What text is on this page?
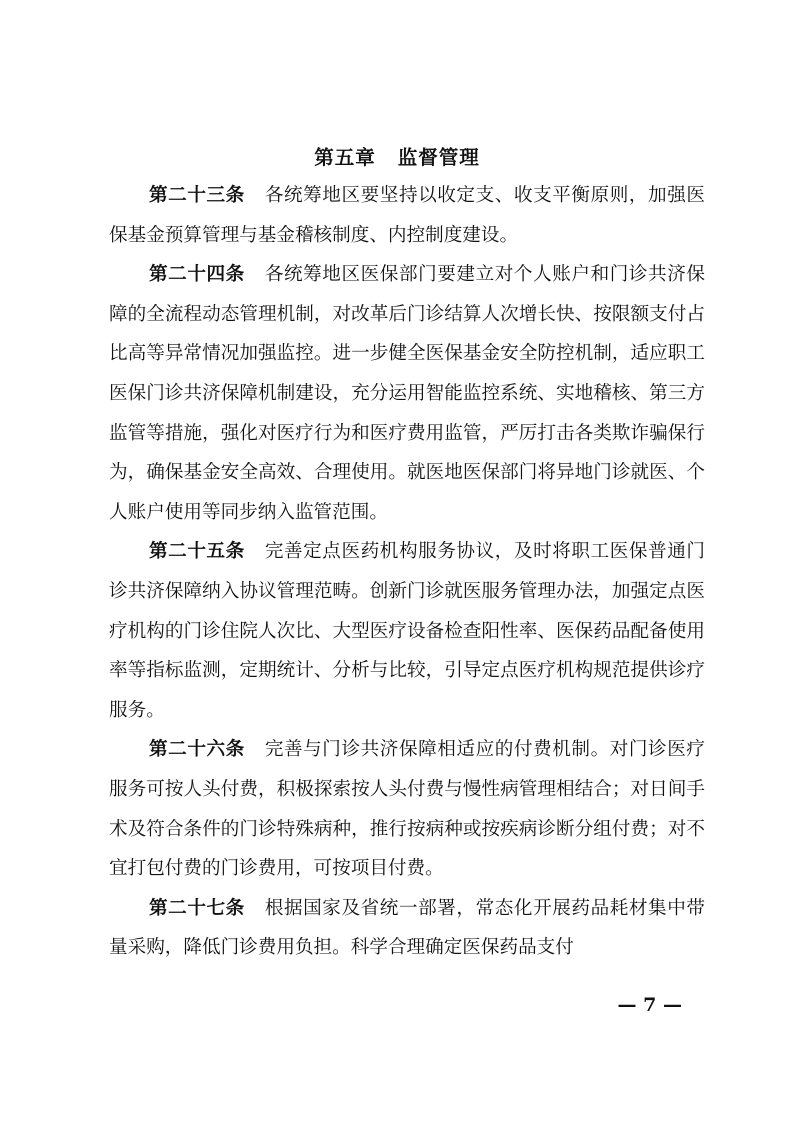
第五章 监督管理

第二十三条 各统筹地区要坚持以收定支、收支平衡原则，加强医保基金预算管理与基金稽核制度、内控制度建设。

第二十四条 各统筹地区医保部门要建立对个人账户和门诊共济保障的全流程动态管理机制，对改革后门诊结算人次增长快、按限额支付占比高等异常情况加强监控。进一步健全医保基金安全防控机制，适应职工医保门诊共济保障机制建设，充分运用智能监控系统、实地稽核、第三方监管等措施，强化对医疗行为和医疗费用监管，严厉打击各类欺诈骗保行为，确保基金安全高效、合理使用。就医地医保部门将异地门诊就医、个人账户使用等同步纳入监管范围。

第二十五条 完善定点医药机构服务协议，及时将职工医保普通门诊共济保障纳入协议管理范畴。创新门诊就医服务管理办法，加强定点医疗机构的门诊住院人次比、大型医疗设备检查阳性率、医保药品配备使用率等指标监测，定期统计、分析与比较，引导定点医疗机构规范提供诊疗服务。

第二十六条 完善与门诊共济保障相适应的付费机制。对门诊医疗服务可按人头付费，积极探索按人头付费与慢性病管理相结合；对日间手术及符合条件的门诊特殊病种，推行按病种或按疾病诊断分组付费；对不宜打包付费的门诊费用，可按项目付费。

第二十七条 根据国家及省统一部署，常态化开展药品耗材集中带量采购，降低门诊费用负担。科学合理确定医保药品支付

— 7 —
